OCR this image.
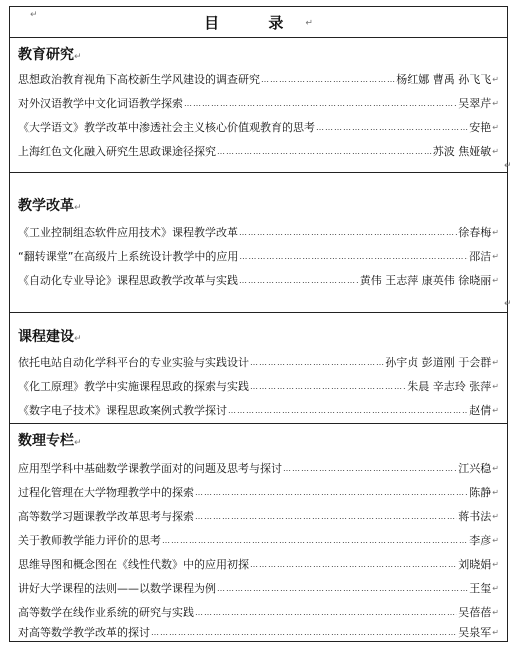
↵	目 录↵
教育研究↵
思想政治教育视角下高校新生学风建设的调查研究 …………………………………………………………………………………………………………………………………………………………………………	杨红娜 曹禹 孙飞飞 ↵
对外汉语教学中文化词语教学探索 …………………………………………………………………………………………………………………………………………………………………………	吴翠芹 ↵
《大学语文》教学改革中渗透社会主义核心价值观教育的思考 …………………………………………………………………………………………………………………………………………………………………………	安艳 ↵
上海红色文化融入研究生思政课途径探究 …………………………………………………………………………………………………………………………………………………………………………	苏波 焦娅敏 ↵
↵
教学改革↵
《工业控制组态软件应用技术》课程教学改革 …………………………………………………………………………………………………………………………………………………………………………	徐春梅 ↵
“翻转课堂”在高级片上系统设计教学中的应用 …………………………………………………………………………………………………………………………………………………………………………	邵洁 ↵
《自动化专业导论》课程思政教学改革与实践 …………………………………………………………………………………………………………………………………………………………………………	黄伟 王志萍 康英伟 徐晓丽 ↵
↵
课程建设↵
依托电站自动化学科平台的专业实验与实践设计 …………………………………………………………………………………………………………………………………………………………………………	孙宇贞 彭道刚 于会群 ↵
《化工原理》教学中实施课程思政的探索与实践 …………………………………………………………………………………………………………………………………………………………………………	朱晨 辛志玲 张萍 ↵
《数字电子技术》课程思政案例式教学探讨 …………………………………………………………………………………………………………………………………………………………………………	赵倩 ↵
数理专栏↵
应用型学科中基础数学课教学面对的问题及思考与探讨 …………………………………………………………………………………………………………………………………………………………………………	江兴稳 ↵
过程化管理在大学物理教学中的探索 …………………………………………………………………………………………………………………………………………………………………………	陈静 ↵
高等数学习题课教学改革思考与探索 …………………………………………………………………………………………………………………………………………………………………………	蒋书法 ↵
关于教师教学能力评价的思考 …………………………………………………………………………………………………………………………………………………………………………	李彦 ↵
思维导图和概念图在《线性代数》中的应用初探 …………………………………………………………………………………………………………………………………………………………………………	刘晓娟 ↵
讲好大学课程的法则——以数学课程为例 …………………………………………………………………………………………………………………………………………………………………………	王玺 ↵
高等数学在线作业系统的研究与实践 …………………………………………………………………………………………………………………………………………………………………………	吴蓓蓓 ↵
对高等数学教学改革的探讨 …………………………………………………………………………………………………………………………………………………………………………	吴泉军 ↵
